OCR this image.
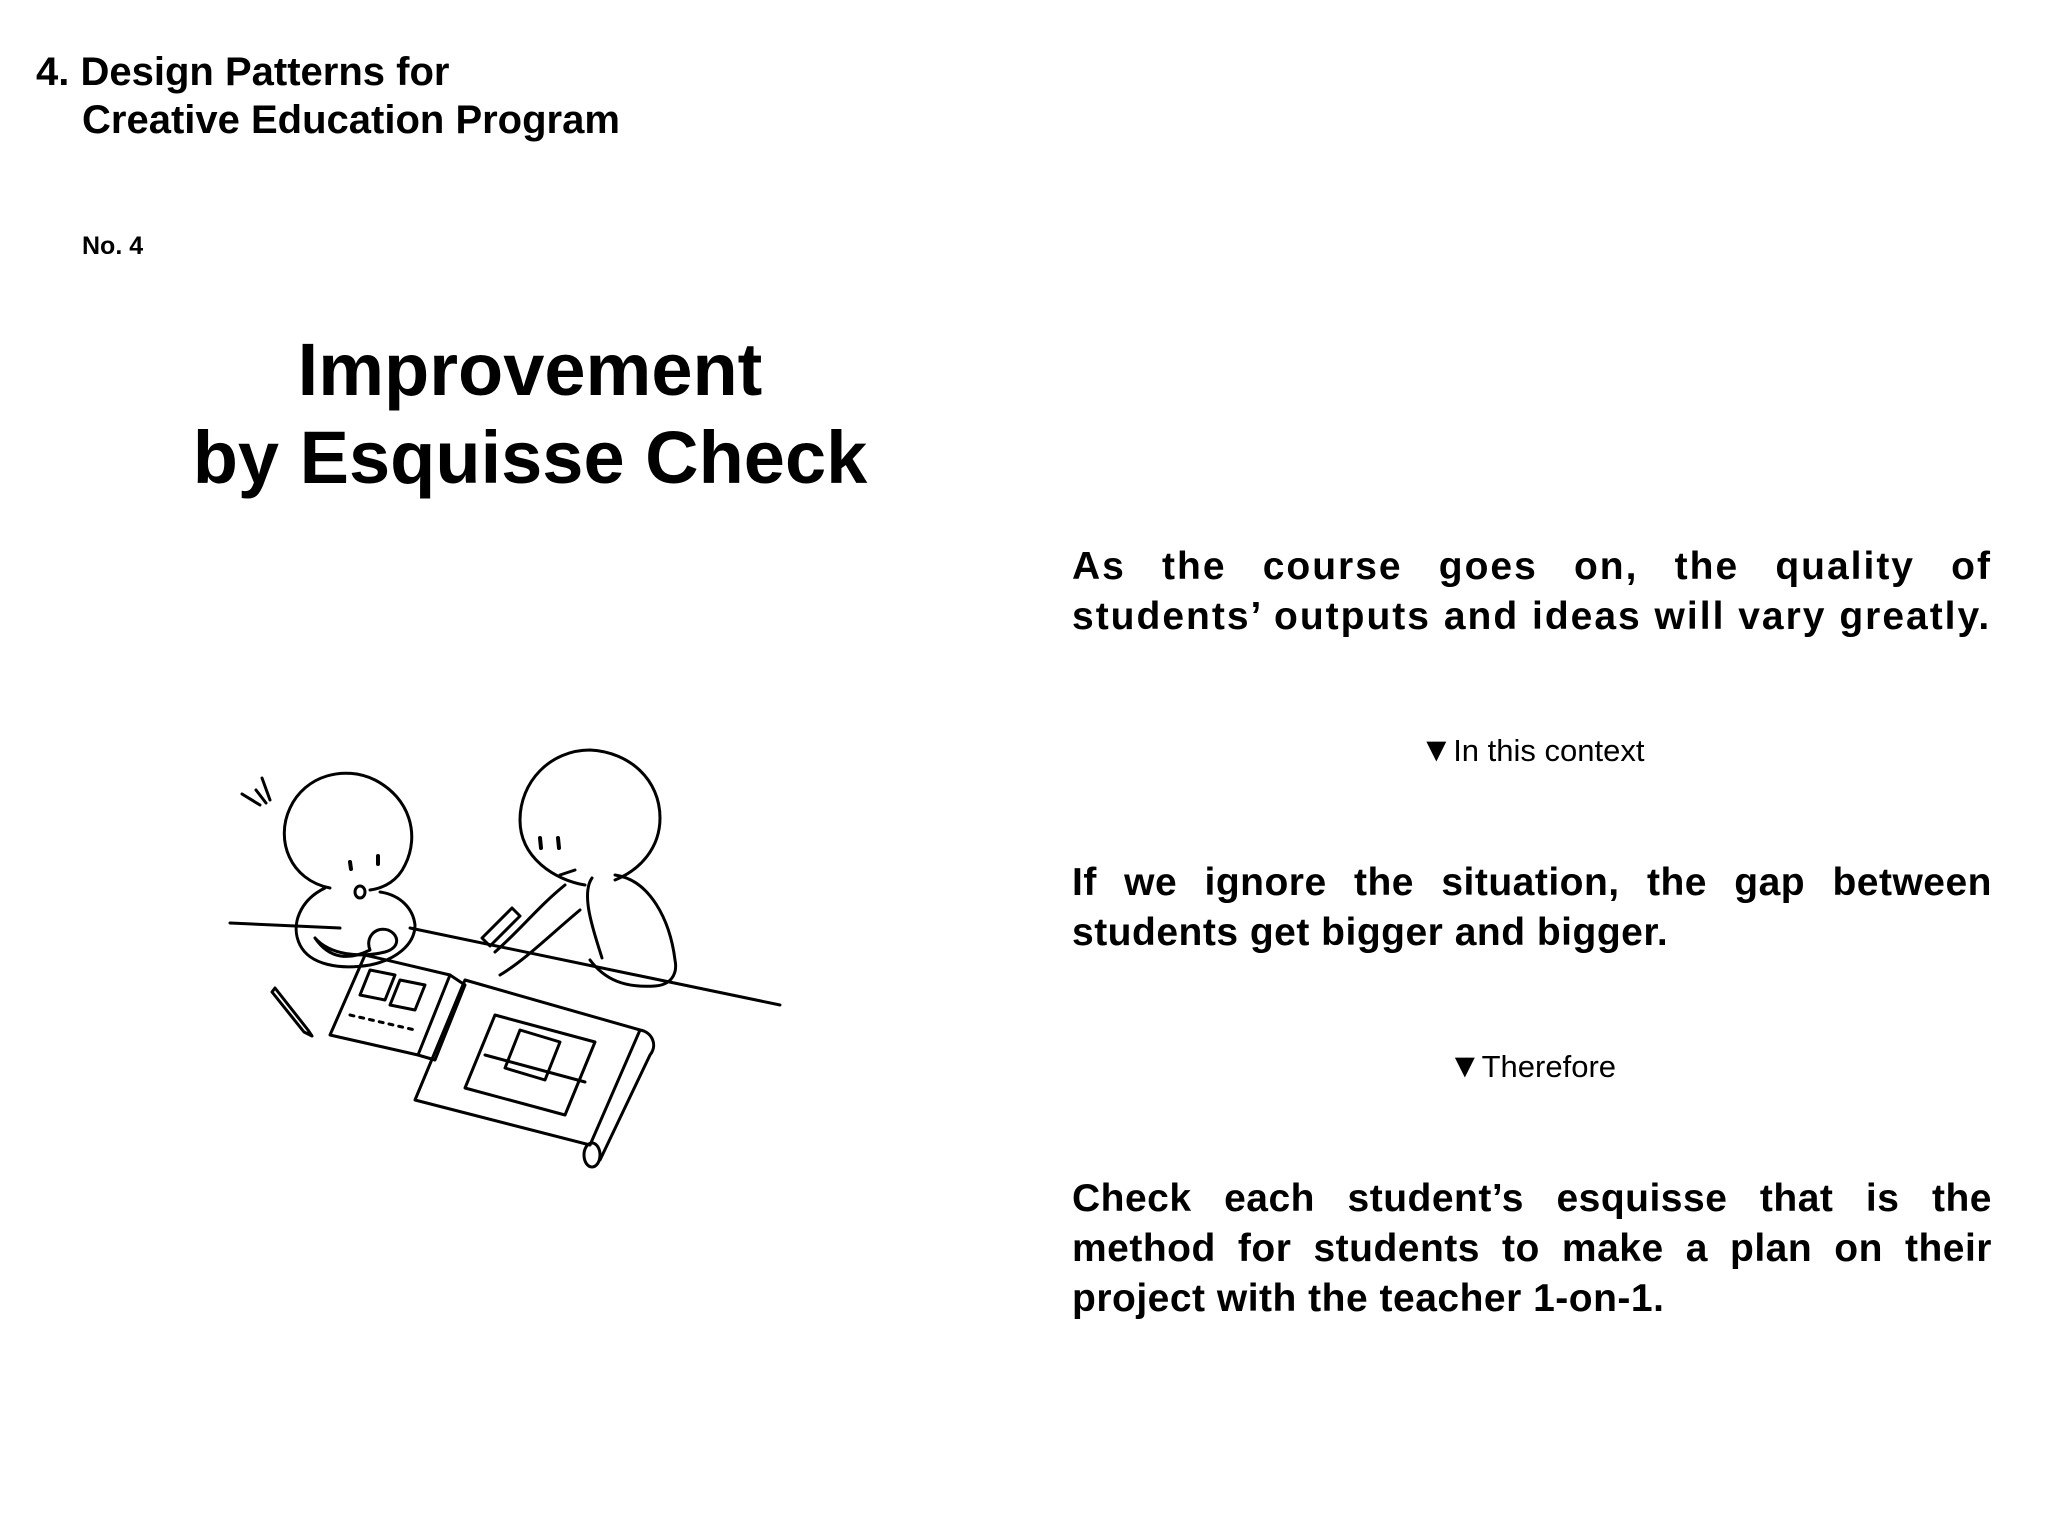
4. Design Patterns for
Creative Education Program
No. 4
Improvement
by Esquisse Check
As the course goes on, the quality of students’ outputs and ideas will vary greatly.
▼In this context
If we ignore the situation, the gap between students get bigger and bigger.
▼Therefore
Check each student’s esquisse that is the method for students to make a plan on their project with the teacher 1-on-1.
